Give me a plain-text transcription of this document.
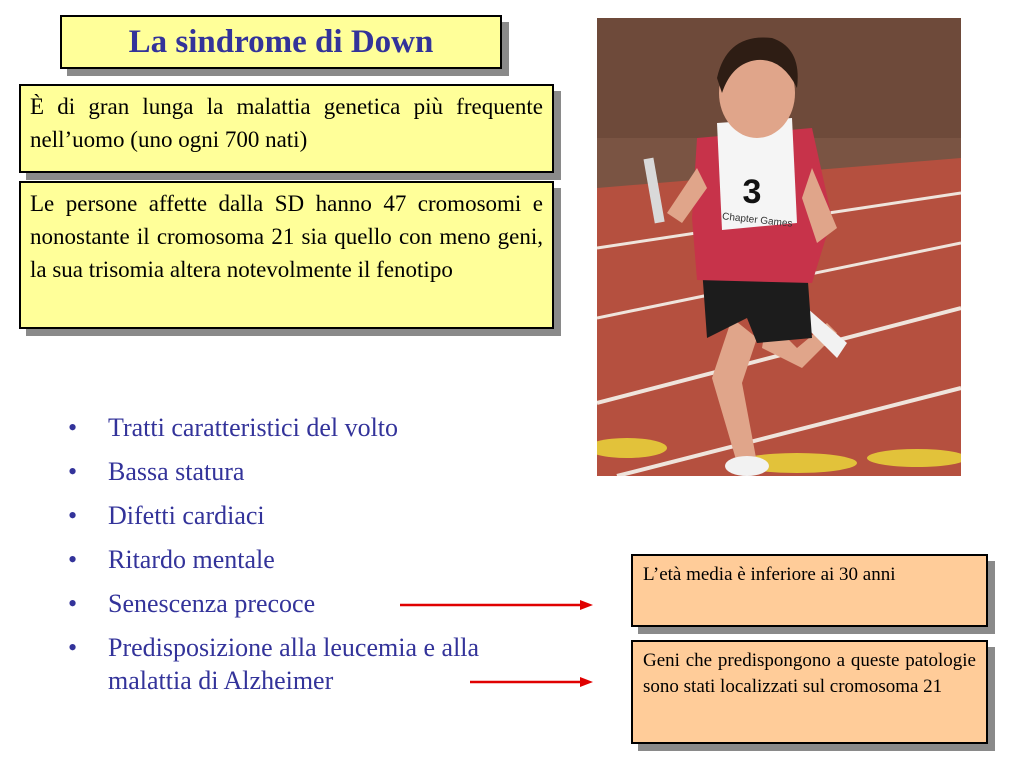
La sindrome di Down
È di gran lunga la malattia genetica più frequente nell’uomo (uno ogni 700 nati)
Le persone affette dalla SD hanno 47 cromosomi e nonostante il cromosoma 21 sia quello con meno geni, la sua trisomia altera notevolmente il fenotipo
3
Chapter Games
• Tratti caratteristici del volto
• Bassa statura
• Difetti cardiaci
• Ritardo mentale
• Senescenza precoce
• Predisposizione alla leucemia e alla malattia di Alzheimer
L’età media è inferiore ai 30 anni
Geni che predispongono a queste patologie sono stati localizzati sul cromosoma 21
